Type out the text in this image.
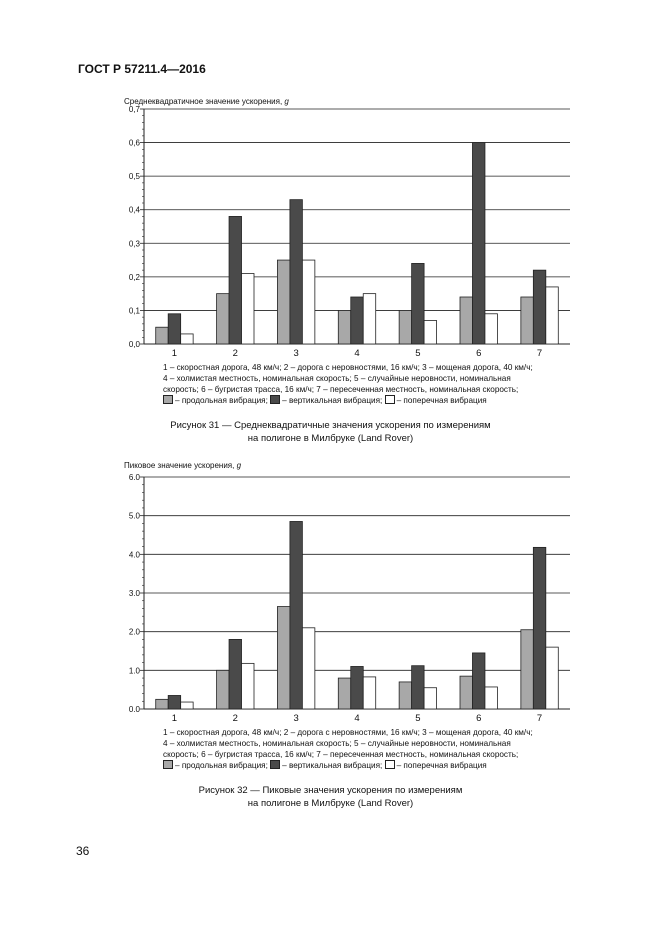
ГОСТ Р 57211.4—2016
Среднеквадратичное значение ускорения, g
0,0
0,1
0,2
0,3
0,4
0,5
0,6
0,7
1	2	3	4	5	6	7
1 – скоростная дорога, 48 км/ч; 2 – дорога с неровностями, 16 км/ч; 3 – мощеная дорога, 40 км/ч;
4 – холмистая местность, номинальная скорость; 5 – случайные неровности, номинальная
скорость; 6 – бугристая трасса, 16 км/ч; 7 – пересеченная местность, номинальная скорость;
– продольная вибрация; – вертикальная вибрация; – поперечная вибрация
Рисунок 31 — Среднеквадратичные значения ускорения по измерениям
на полигоне в Милбруке (Land Rover)
Пиковое значение ускорения, g
0.0
1.0
2.0
3.0
4.0
5.0
6.0
1	2	3	4	5	6	7
1 – скоростная дорога, 48 км/ч; 2 – дорога с неровностями, 16 км/ч; 3 – мощеная дорога, 40 км/ч;
4 – холмистая местность, номинальная скорость; 5 – случайные неровности, номинальная
скорость; 6 – бугристая трасса, 16 км/ч; 7 – пересеченная местность, номинальная скорость;
– продольная вибрация; – вертикальная вибрация; – поперечная вибрация
Рисунок 32 — Пиковые значения ускорения по измерениям
на полигоне в Милбруке (Land Rover)
36
